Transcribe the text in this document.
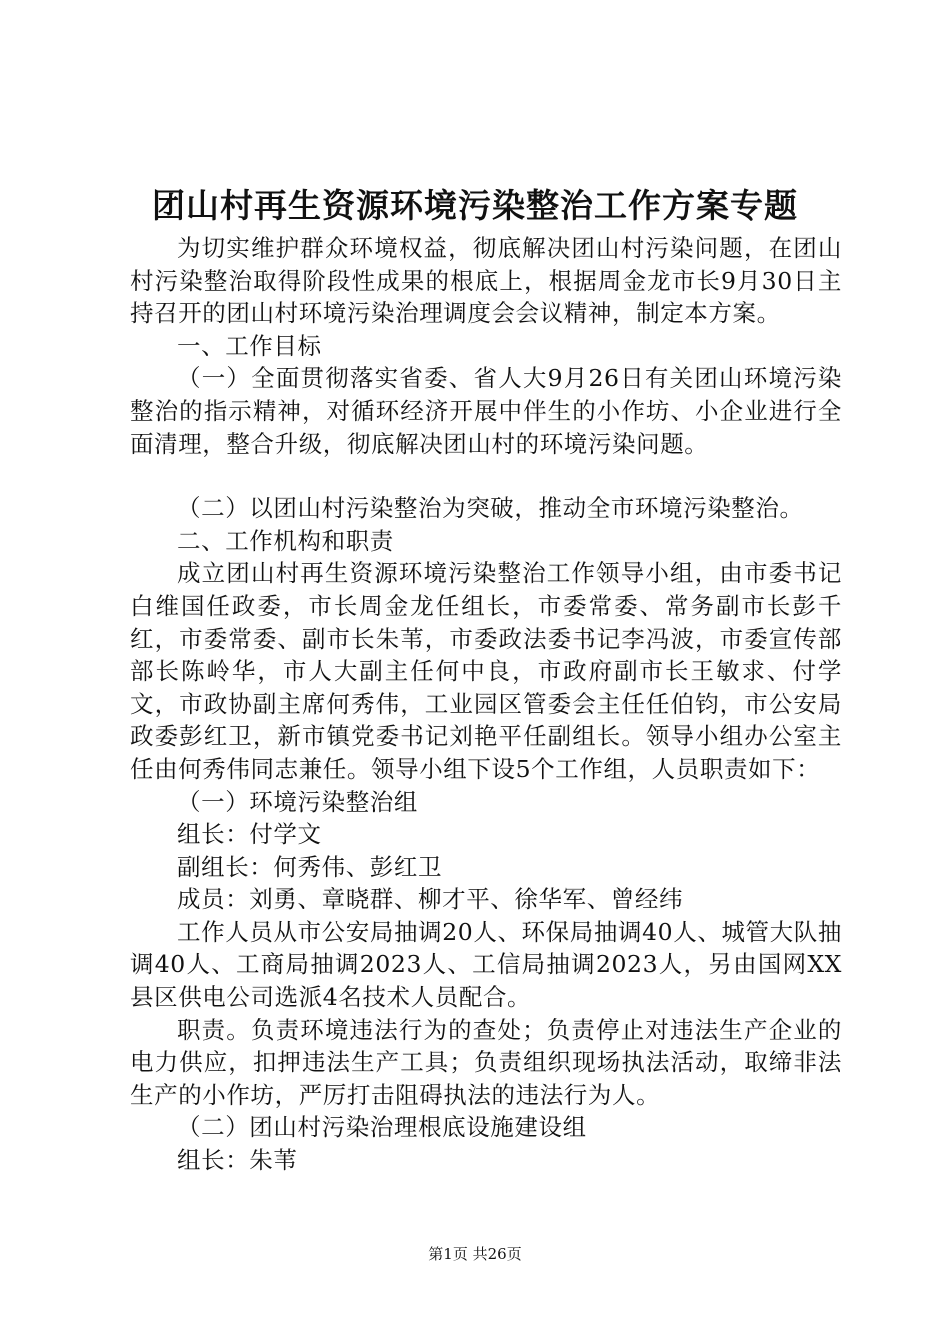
团山村再生资源环境污染整治工作方案专题

为切实维护群众环境权益，彻底解决团山村污染问题，在团山村污染整治取得阶段性成果的根底上，根据周金龙市长9月30日主持召开的团山村环境污染治理调度会会议精神，制定本方案。

一、工作目标

（一）全面贯彻落实省委、省人大9月26日有关团山环境污染整治的指示精神，对循环经济开展中伴生的小作坊、小企业进行全面清理，整合升级，彻底解决团山村的环境污染问题。

（二）以团山村污染整治为突破，推动全市环境污染整治。

二、工作机构和职责

成立团山村再生资源环境污染整治工作领导小组，由市委书记白维国任政委，市长周金龙任组长，市委常委、常务副市长彭千红，市委常委、副市长朱苇，市委政法委书记李冯波，市委宣传部部长陈岭华，市人大副主任何中良，市政府副市长王敏求、付学文，市政协副主席何秀伟，工业园区管委会主任任伯钧，市公安局政委彭红卫，新市镇党委书记刘艳平任副组长。领导小组办公室主任由何秀伟同志兼任。领导小组下设5个工作组，人员职责如下：

（一）环境污染整治组

组长：付学文

副组长：何秀伟、彭红卫

成员：刘勇、章晓群、柳才平、徐华军、曾经纬

工作人员从市公安局抽调20人、环保局抽调40人、城管大队抽调40人、工商局抽调2023人、工信局抽调2023人，另由国网XX县区供电公司选派4名技术人员配合。

职责。负责环境违法行为的查处；负责停止对违法生产企业的电力供应，扣押违法生产工具；负责组织现场执法活动，取缔非法生产的小作坊，严厉打击阻碍执法的违法行为人。

（二）团山村污染治理根底设施建设组

组长：朱苇

第1页 共26页
